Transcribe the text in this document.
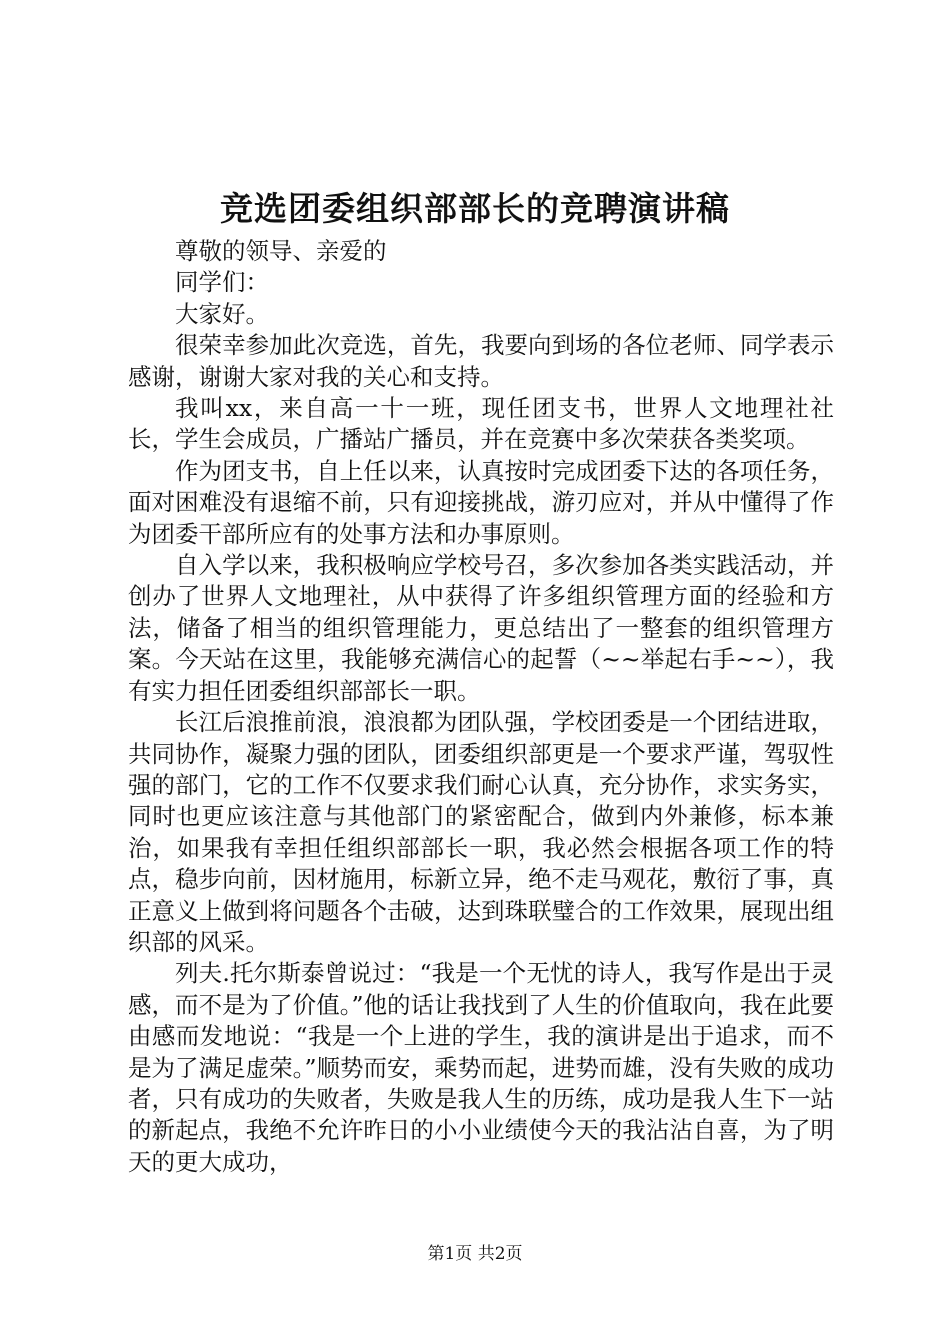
竞选团委组织部部长的竞聘演讲稿

尊敬的领导、亲爱的

同学们：

大家好。

很荣幸参加此次竞选，首先，我要向到场的各位老师、同学表示感谢，谢谢大家对我的关心和支持。

我叫xx，来自高一十一班，现任团支书，世界人文地理社社长，学生会成员，广播站广播员，并在竞赛中多次荣获各类奖项。

作为团支书，自上任以来，认真按时完成团委下达的各项任务，面对困难没有退缩不前，只有迎接挑战，游刃应对，并从中懂得了作为团委干部所应有的处事方法和办事原则。

自入学以来，我积极响应学校号召，多次参加各类实践活动，并创办了世界人文地理社，从中获得了许多组织管理方面的经验和方法，储备了相当的组织管理能力，更总结出了一整套的组织管理方案。今天站在这里，我能够充满信心的起誓（~~举起右手~~），我有实力担任团委组织部部长一职。

长江后浪推前浪，浪浪都为团队强，学校团委是一个团结进取，共同协作，凝聚力强的团队，团委组织部更是一个要求严谨，驾驭性强的部门，它的工作不仅要求我们耐心认真，充分协作，求实务实，同时也更应该注意与其他部门的紧密配合，做到内外兼修，标本兼治，如果我有幸担任组织部部长一职，我必然会根据各项工作的特点，稳步向前，因材施用，标新立异，绝不走马观花，敷衍了事，真正意义上做到将问题各个击破，达到珠联璧合的工作效果，展现出组织部的风采。

列夫.托尔斯泰曾说过：“我是一个无忧的诗人，我写作是出于灵感，而不是为了价值。”他的话让我找到了人生的价值取向，我在此要由感而发地说：“我是一个上进的学生，我的演讲是出于追求，而不是为了满足虚荣。”顺势而安，乘势而起，进势而雄，没有失败的成功者，只有成功的失败者，失败是我人生的历练，成功是我人生下一站的新起点，我绝不允许昨日的小小业绩使今天的我沾沾自喜，为了明天的更大成功，

第1页 共2页
